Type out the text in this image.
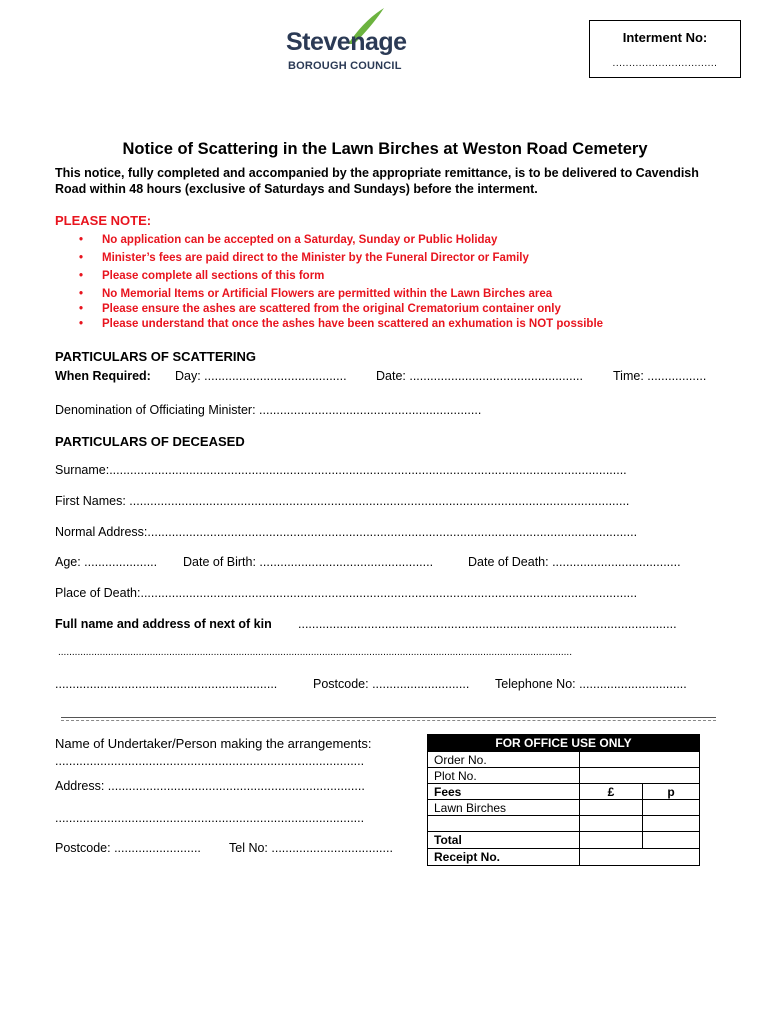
Stevenage
BOROUGH COUNCIL
Interment No:
................................
Notice of Scattering in the Lawn Birches at Weston Road Cemetery
This notice, fully completed and accompanied by the appropriate remittance, is to be delivered to Cavendish Road within 48 hours (exclusive of Saturdays and Sundays) before the interment.
PLEASE NOTE:
• No application can be accepted on a Saturday, Sunday or Public Holiday
• Minister’s fees are paid direct to the Minister by the Funeral Director or Family
• Please complete all sections of this form
• No Memorial Items or Artificial Flowers are permitted within the Lawn Birches area
• Please ensure the ashes are scattered from the original Crematorium container only
• Please understand that once the ashes have been scattered an exhumation is NOT possible
PARTICULARS OF SCATTERING
When Required: Day: ......................................... Date: .................................................. Time: .................
Denomination of Officiating Minister: ................................................................
PARTICULARS OF DECEASED
Surname:.....................................................................................................................................................
First Names: ................................................................................................................................................
Normal Address:.............................................................................................................................................
Age: ..................... Date of Birth: ..................................................	Date of Death: .....................................
Place of Death:...............................................................................................................................................
Full name and address of next of kin .............................................................................................................
.........................................................................................................................................................................................
................................................................	Postcode: ............................ Telephone No: ...............................
Name of Undertaker/Person making the arrangements:
.........................................................................................
Address: ..........................................................................
.........................................................................................
Postcode: ......................... Tel No: ...................................
FOR OFFICE USE ONLY		
Order No.		
Plot No.		
Fees	£	p
Lawn Birches		

Total		
Receipt No.		
